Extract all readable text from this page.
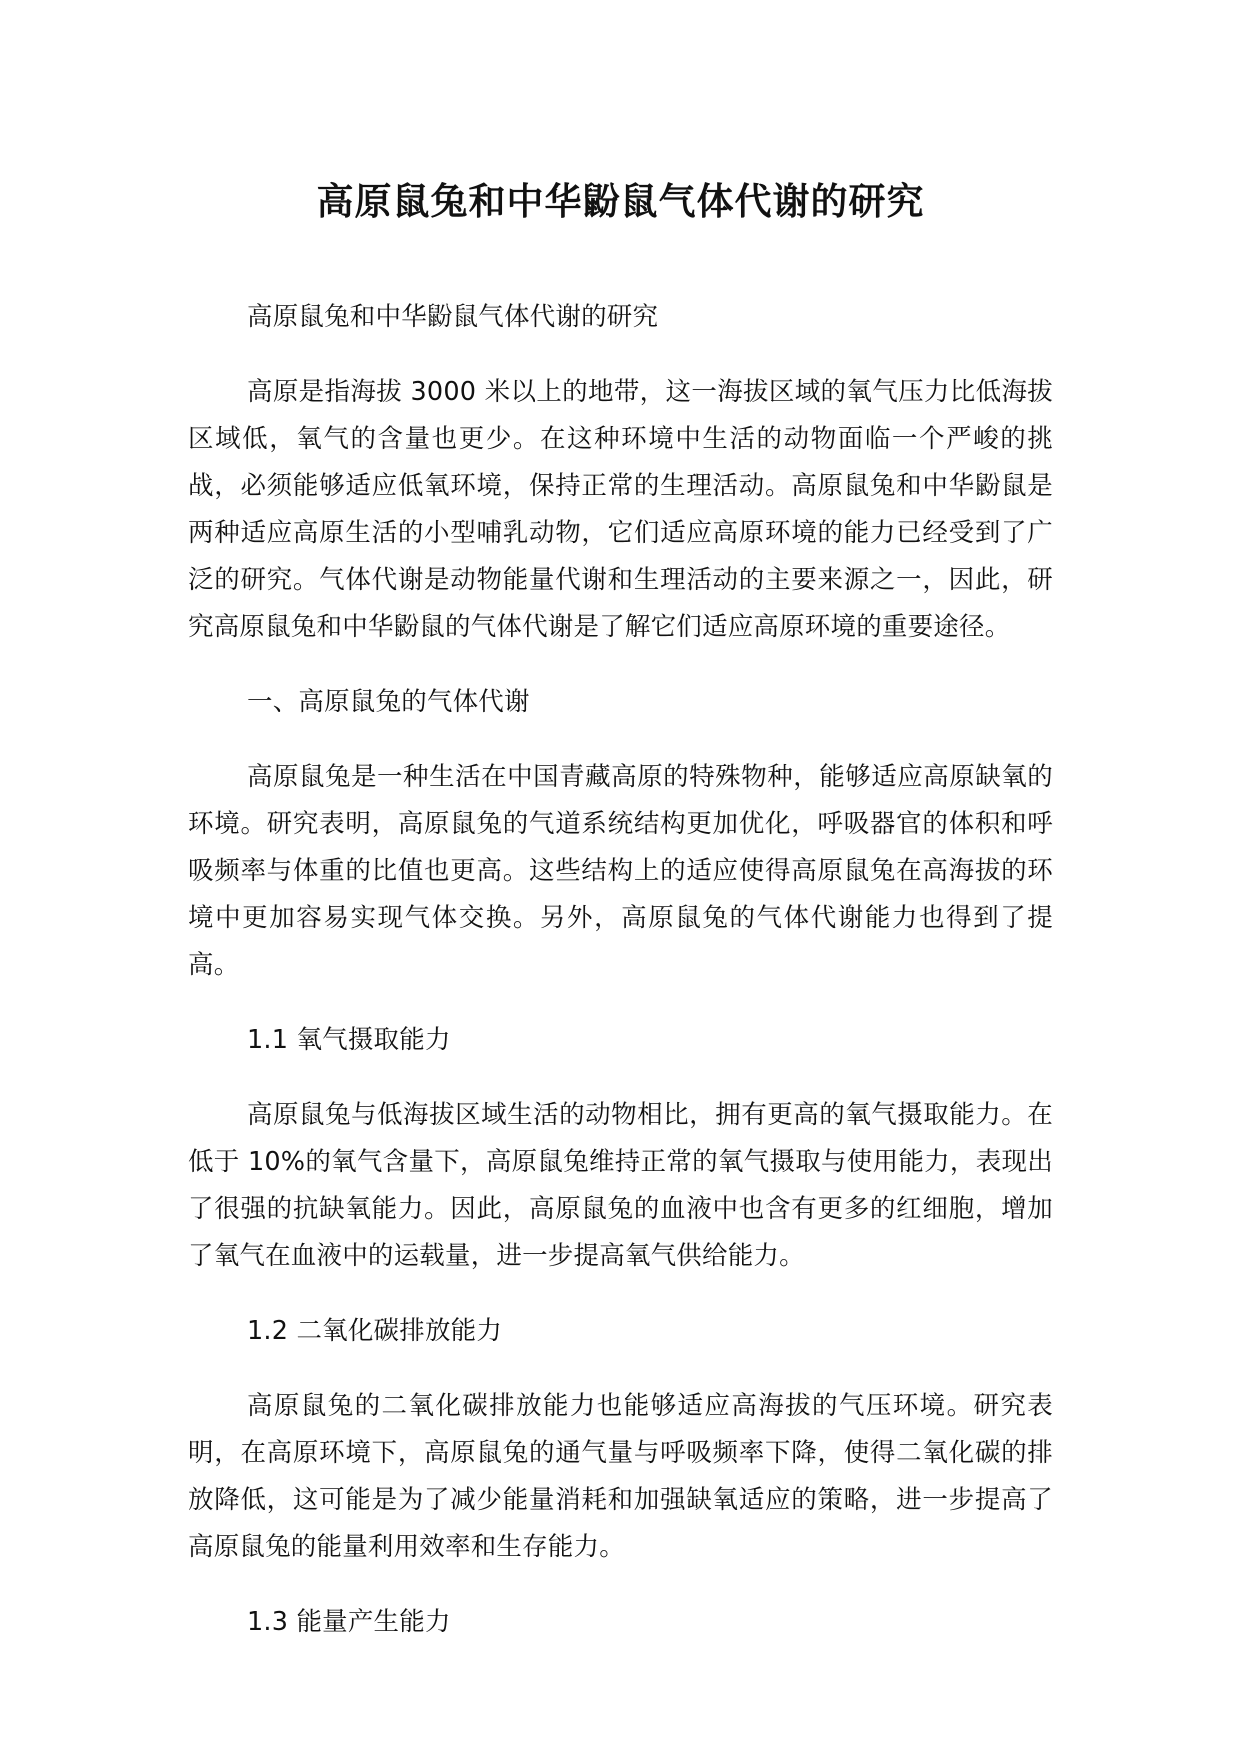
高原鼠兔和中华鼢鼠气体代谢的研究

高原鼠兔和中华鼢鼠气体代谢的研究

高原是指海拔 3000 米以上的地带，这一海拔区域的氧气压力比低海拔区域低，氧气的含量也更少。在这种环境中生活的动物面临一个严峻的挑战，必须能够适应低氧环境，保持正常的生理活动。高原鼠兔和中华鼢鼠是两种适应高原生活的小型哺乳动物，它们适应高原环境的能力已经受到了广泛的研究。气体代谢是动物能量代谢和生理活动的主要来源之一，因此，研究高原鼠兔和中华鼢鼠的气体代谢是了解它们适应高原环境的重要途径。

一、高原鼠兔的气体代谢

高原鼠兔是一种生活在中国青藏高原的特殊物种，能够适应高原缺氧的环境。研究表明，高原鼠兔的气道系统结构更加优化，呼吸器官的体积和呼吸频率与体重的比值也更高。这些结构上的适应使得高原鼠兔在高海拔的环境中更加容易实现气体交换。另外，高原鼠兔的气体代谢能力也得到了提高。

1.1 氧气摄取能力

高原鼠兔与低海拔区域生活的动物相比，拥有更高的氧气摄取能力。在低于 10%的氧气含量下，高原鼠兔维持正常的氧气摄取与使用能力，表现出了很强的抗缺氧能力。因此，高原鼠兔的血液中也含有更多的红细胞，增加了氧气在血液中的运载量，进一步提高氧气供给能力。

1.2 二氧化碳排放能力

高原鼠兔的二氧化碳排放能力也能够适应高海拔的气压环境。研究表明，在高原环境下，高原鼠兔的通气量与呼吸频率下降，使得二氧化碳的排放降低，这可能是为了减少能量消耗和加强缺氧适应的策略，进一步提高了高原鼠兔的能量利用效率和生存能力。

1.3 能量产生能力
